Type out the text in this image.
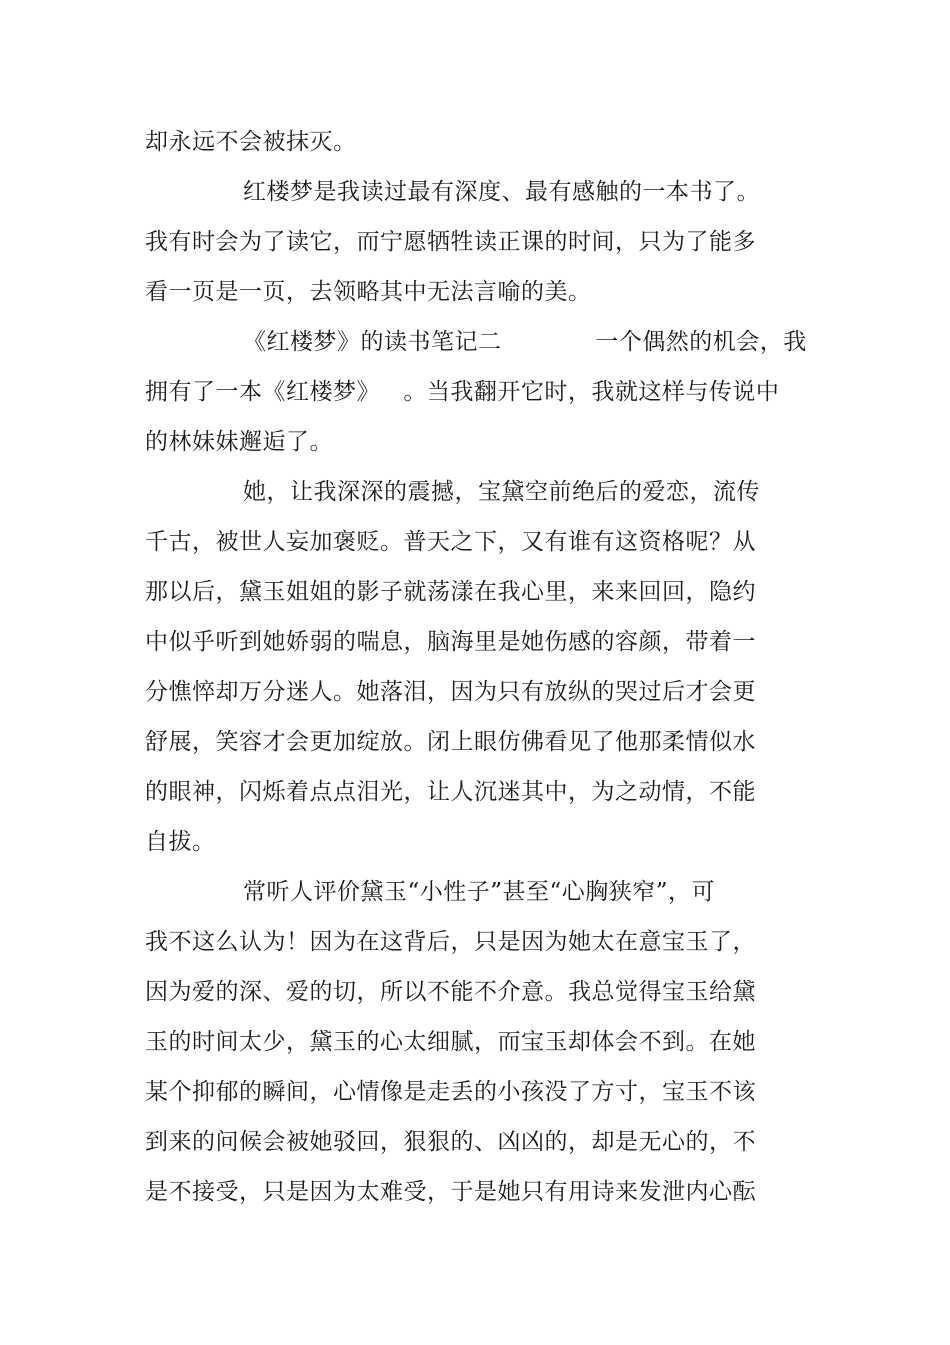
却永远不会被抹灭。
红楼梦是我读过最有深度、最有感触的一本书了。
我有时会为了读它，而宁愿牺牲读正课的时间，只为了能多
看一页是一页，去领略其中无法言喻的美。
《红楼梦》的读书笔记二            一个偶然的机会，我
拥有了一本《红楼梦》   。当我翻开它时，我就这样与传说中
的林妹妹邂逅了。
她，让我深深的震撼，宝黛空前绝后的爱恋，流传
千古，被世人妄加褒贬。普天之下，又有谁有这资格呢？从
那以后，黛玉姐姐的影子就荡漾在我心里，来来回回，隐约
中似乎听到她娇弱的喘息，脑海里是她伤感的容颜，带着一
分憔悴却万分迷人。她落泪，因为只有放纵的哭过后才会更
舒展，笑容才会更加绽放。闭上眼仿佛看见了他那柔情似水
的眼神，闪烁着点点泪光，让人沉迷其中，为之动情，不能
自拔。
常听人评价黛玉“小性子”甚至“心胸狭窄”，可
我不这么认为！因为在这背后，只是因为她太在意宝玉了，
因为爱的深、爱的切，所以不能不介意。我总觉得宝玉给黛
玉的时间太少，黛玉的心太细腻，而宝玉却体会不到。在她
某个抑郁的瞬间，心情像是走丢的小孩没了方寸，宝玉不该
到来的问候会被她驳回，狠狠的、凶凶的，却是无心的，不
是不接受，只是因为太难受，于是她只有用诗来发泄内心酝
